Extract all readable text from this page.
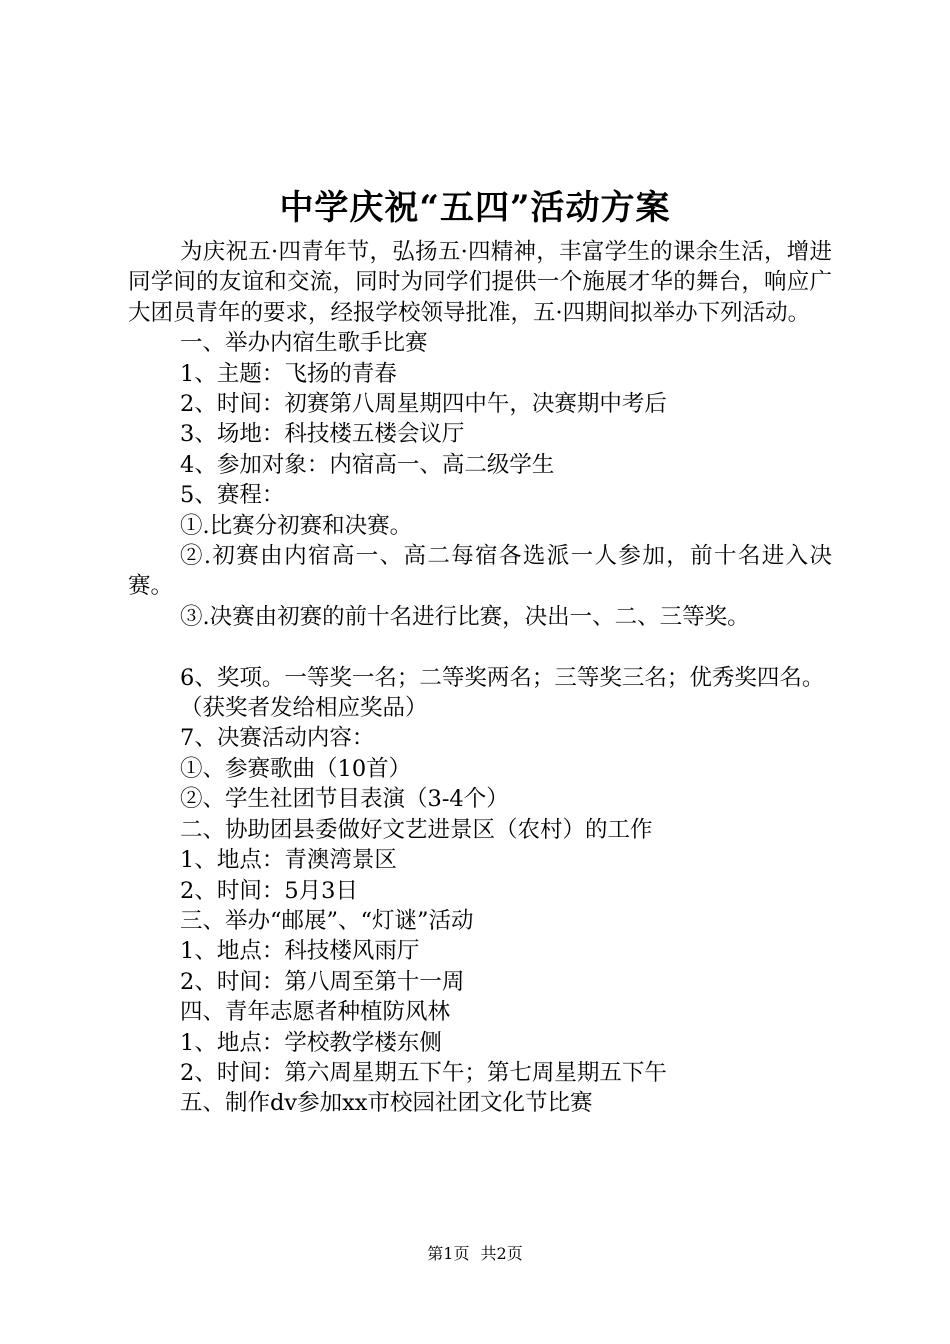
中学庆祝“五四”活动方案

为庆祝五·四青年节，弘扬五·四精神，丰富学生的课余生活，增进同学间的友谊和交流，同时为同学们提供一个施展才华的舞台，响应广大团员青年的要求，经报学校领导批准，五·四期间拟举办下列活动。

一、举办内宿生歌手比赛

1、主题：飞扬的青春

2、时间：初赛第八周星期四中午，决赛期中考后

3、场地：科技楼五楼会议厅

4、参加对象：内宿高一、高二级学生

5、赛程：

①.比赛分初赛和决赛。

②.初赛由内宿高一、高二每宿各选派一人参加，前十名进入决赛。

③.决赛由初赛的前十名进行比赛，决出一、二、三等奖。

6、奖项。一等奖一名；二等奖两名；三等奖三名；优秀奖四名。

（获奖者发给相应奖品）

7、决赛活动内容：

①、参赛歌曲（10首）

②、学生社团节目表演（3-4个）

二、协助团县委做好文艺进景区（农村）的工作

1、地点：青澳湾景区

2、时间：5月3日

三、举办“邮展”、“灯谜”活动

1、地点：科技楼风雨厅

2、时间：第八周至第十一周

四、青年志愿者种植防风林

1、地点：学校教学楼东侧

2、时间：第六周星期五下午；第七周星期五下午

五、制作dv参加xx市校园社团文化节比赛

第1页 共2页
